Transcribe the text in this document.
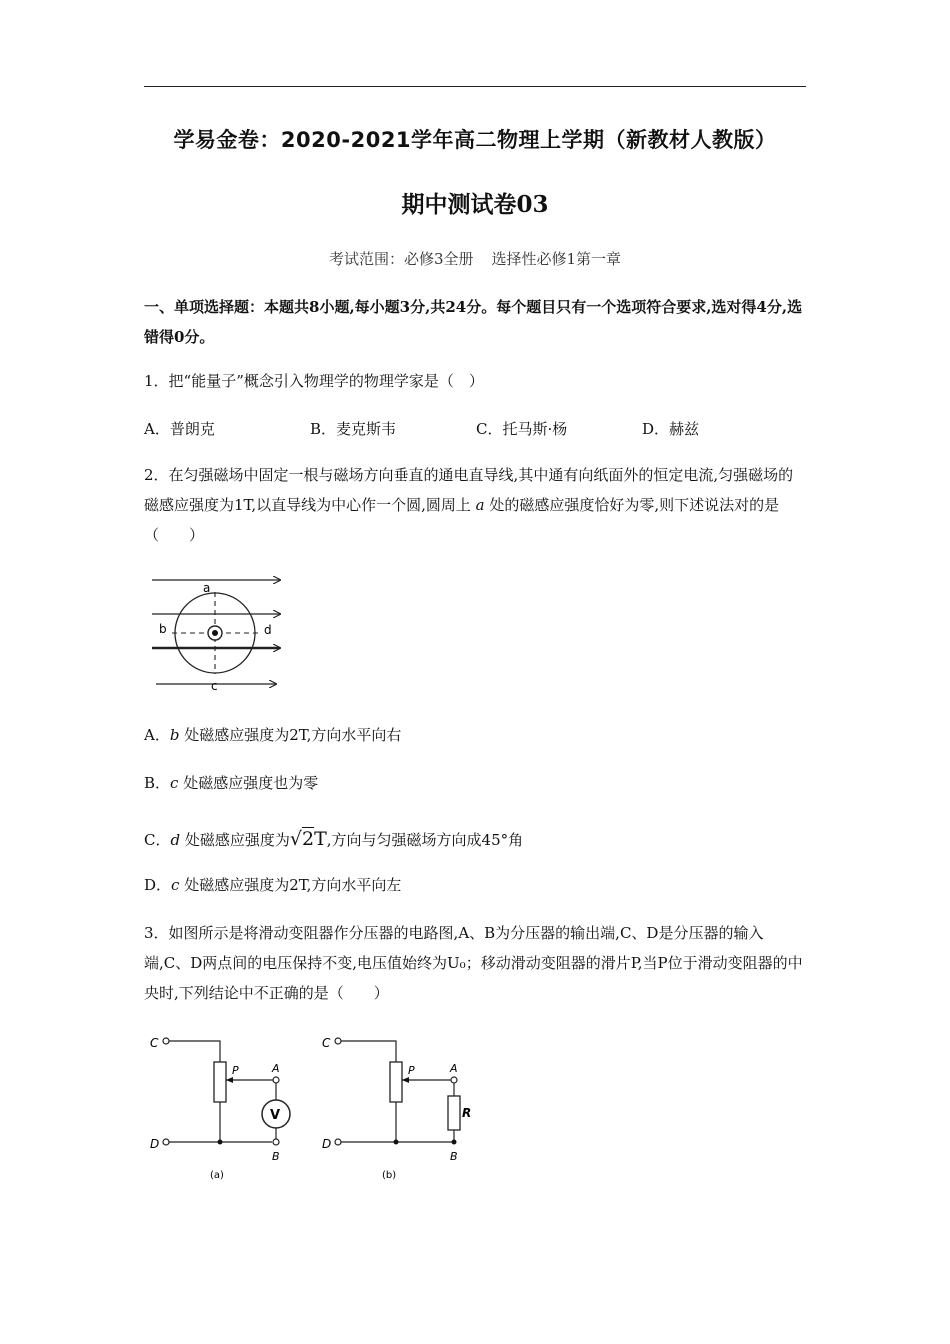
学易金卷：2020-2021学年高二物理上学期（新教材人教版）
期中测试卷03
考试范围：必修3全册 选择性必修1第一章
一、单项选择题：本题共8小题,每小题3分,共24分。每个题目只有一个选项符合要求,选对得4分,选错得0分。
1．把“能量子”概念引入物理学的物理学家是（　）
A．普朗克	B．麦克斯韦	C．托马斯·杨	D．赫兹
2．在匀强磁场中固定一根与磁场方向垂直的通电直导线,其中通有向纸面外的恒定电流,匀强磁场的磁感应强度为1T,以直导线为中心作一个圆,圆周上 a 处的磁感应强度恰好为零,则下述说法对的是（　　）
a
b	d
c
A．b 处磁感应强度为2T,方向水平向右
B．c 处磁感应强度也为零
C．d 处磁感应强度为√2T,方向与匀强磁场方向成45°角
D．c 处磁感应强度为2T,方向水平向左
3．如图所示是将滑动变阻器作分压器的电路图,A、B为分压器的输出端,C、D是分压器的输入端,C、D两点间的电压保持不变,电压值始终为U₀；移动滑动变阻器的滑片P,当P位于滑动变阻器的中央时,下列结论中不正确的是（　　）
C
D
P	A
V
B
(a)
C
D
P	A
R
B
(b)
